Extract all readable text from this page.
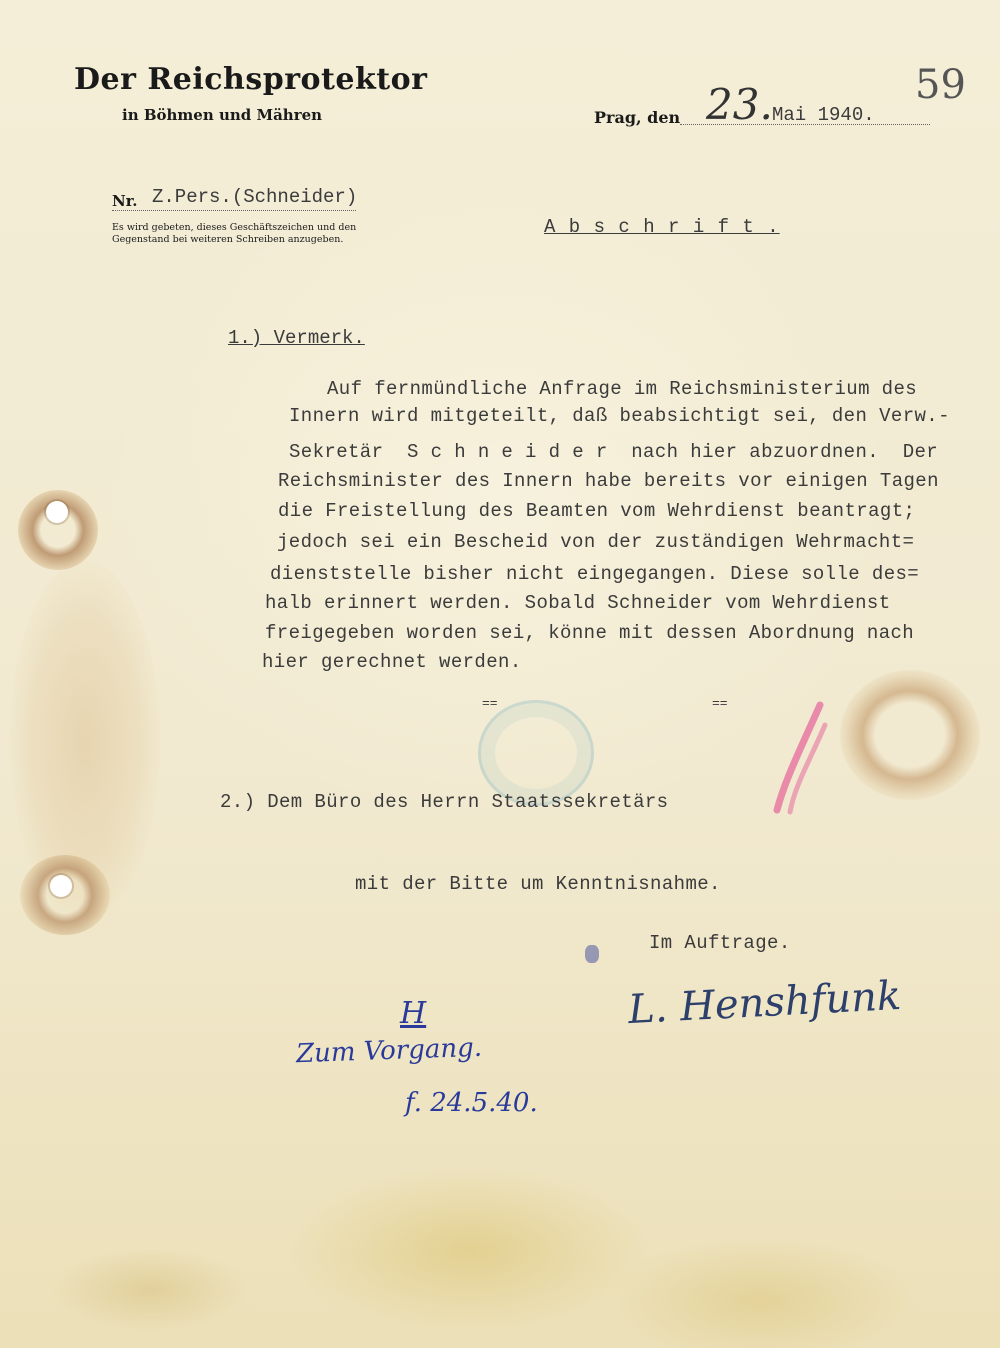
Der Reichsprotektor
in Böhmen und Mähren
59
Prag, den 23. Mai 1940.
Nr. Z.Pers.(Schneider)
Es wird gebeten, dieses Geschäftszeichen und den
Gegenstand bei weiteren Schreiben anzugeben.
A b s c h r i f t .
1.) Vermerk.
Auf fernmündliche Anfrage im Reichsministerium des
Innern wird mitgeteilt, daß beabsichtigt sei, den Verw.-
Sekretär  S c h n e i d e r  nach hier abzuordnen.  Der
Reichsminister des Innern habe bereits vor einigen Tagen
die Freistellung des Beamten vom Wehrdienst beantragt;
jedoch sei ein Bescheid von der zuständigen Wehrmacht=
dienststelle bisher nicht eingegangen. Diese solle des=
halb erinnert werden. Sobald Schneider vom Wehrdienst
freigegeben worden sei, könne mit dessen Abordnung nach
hier gerechnet werden.
==	==
2.) Dem Büro des Herrn Staatssekretärs
mit der Bitte um Kenntnisnahme.
Im Auftrage.
L. Henshfunk
H
Zum Vorgang.
f. 24.5.40.
